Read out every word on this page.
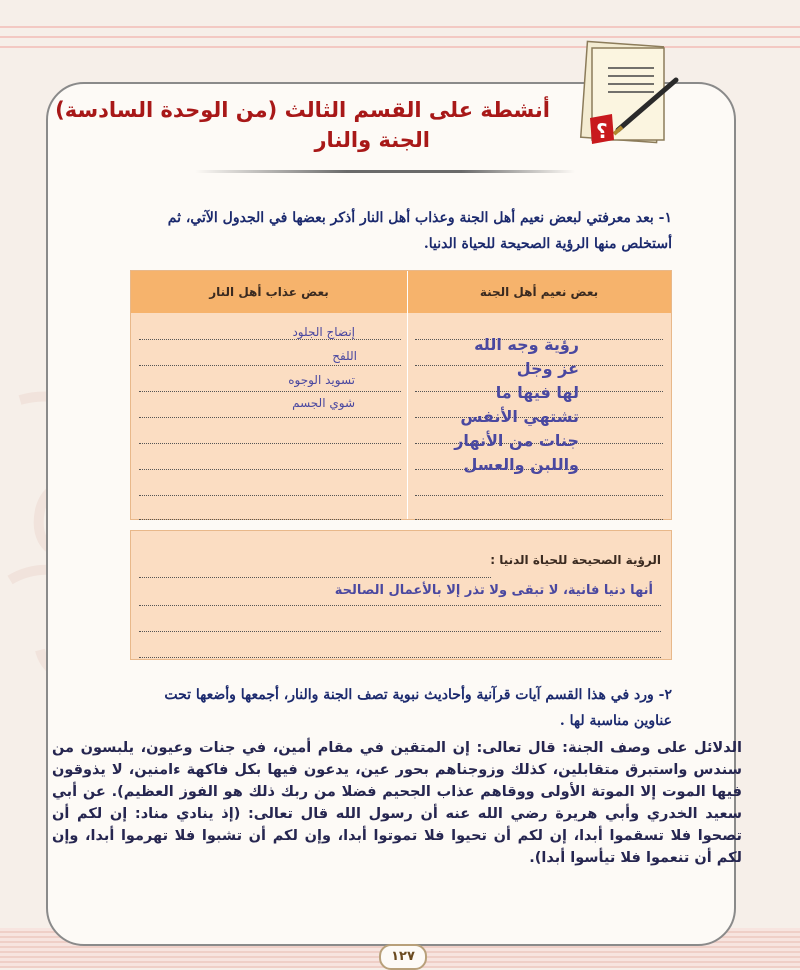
؟
أنشطة على القسم الثالث (من الوحدة السادسة)
الجنة والنار
١- بعد معرفتي لبعض نعيم أهل الجنة وعذاب أهل النار أذكر بعضها في الجدول الآتي، ثم أستخلص منها الرؤية الصحيحة للحياة الدنيا.
بعض نعيم أهل الجنة
بعض عذاب أهل النار
إنضاج الجلود
اللفح
تسويد الوجوه
شوي الجسم
رؤية وجه الله
عز وجل
لها فيها ما
تشتهي الأنفس
جنات من الأنهار
واللبن والعسل
الرؤية الصحيحة للحياة الدنيا :
أنها دنيا فانية، لا تبقى ولا تذر إلا بالأعمال الصالحة
٢- ورد في هذا القسم آيات قرآنية وأحاديث نبوية تصف الجنة والنار، أجمعها وأضعها تحت عناوين مناسبة لها .
الدلائل على وصف الجنة: قال تعالى: إن المتقين في مقام أمين، في جنات وعيون، يلبسون من سندس واستبرق متقابلين، كذلك وزوجناهم بحور عين، يدعون فيها بكل فاكهة ءامنين، لا يذوقون فيها الموت إلا الموتة الأولى ووقاهم عذاب الجحيم فضلا من ربك ذلك هو الفوز العظيم). عن أبي سعيد الخدري وأبي هريرة رضي الله عنه أن رسول الله قال تعالى: (إذ ينادي مناد: إن لكم أن تصحوا فلا تسقموا أبدا، إن لكم أن تحيوا فلا تموتوا أبدا، وإن لكم أن تشبوا فلا تهرموا أبدا، وإن لكم أن تنعموا فلا تيأسوا أبدا).
١٢٧
